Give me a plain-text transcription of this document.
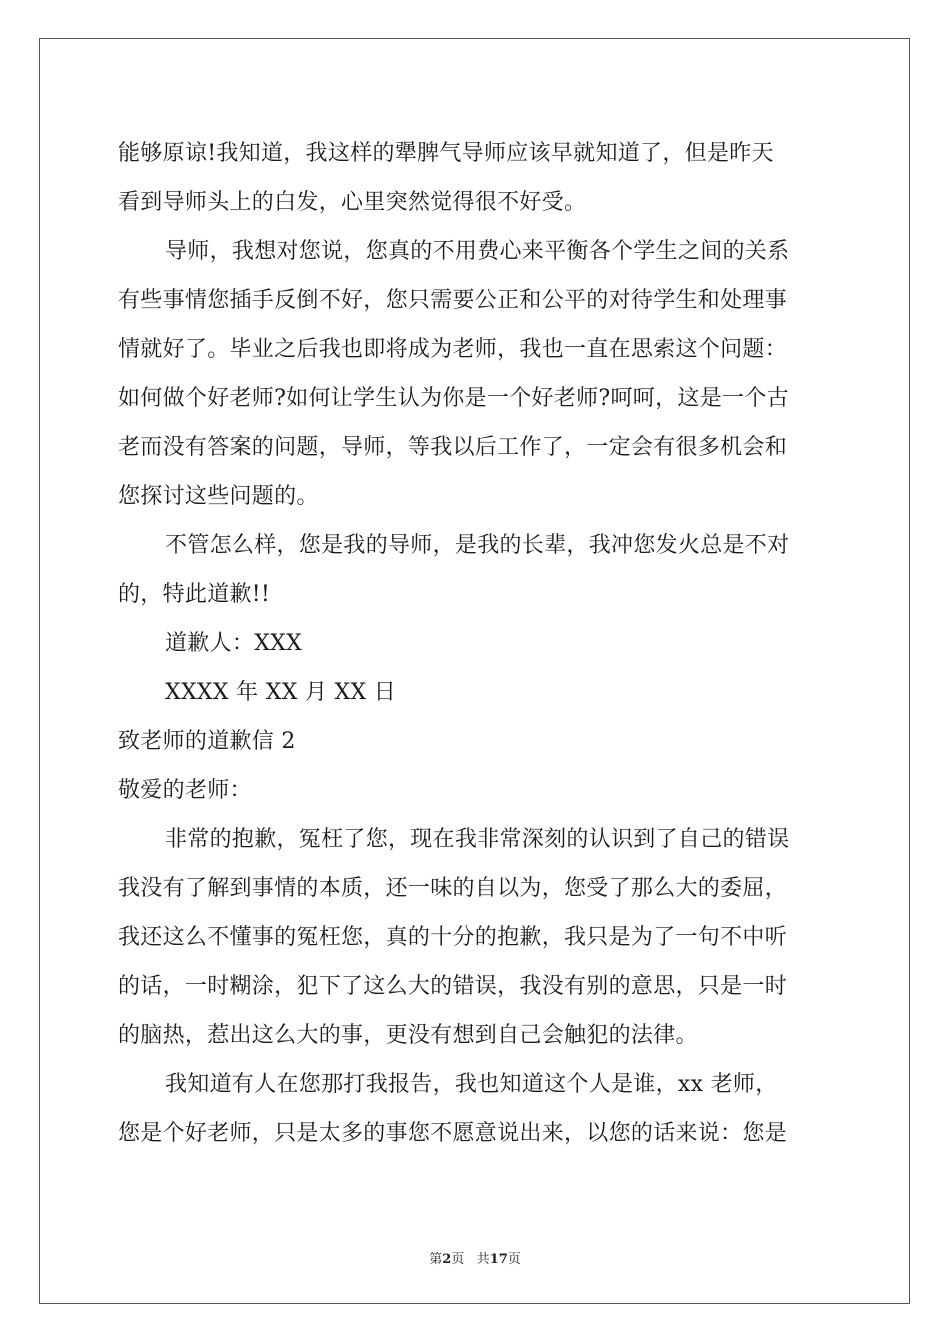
能够原谅!我知道，我这样的犟脾气导师应该早就知道了，但是昨天
看到导师头上的白发，心里突然觉得很不好受。
导师，我想对您说，您真的不用费心来平衡各个学生之间的关系
有些事情您插手反倒不好，您只需要公正和公平的对待学生和处理事
情就好了。毕业之后我也即将成为老师，我也一直在思索这个问题：
如何做个好老师?如何让学生认为你是一个好老师?呵呵，这是一个古
老而没有答案的问题，导师，等我以后工作了，一定会有很多机会和
您探讨这些问题的。
不管怎么样，您是我的导师，是我的长辈，我冲您发火总是不对
的，特此道歉!!
道歉人：XXX
XXXX 年 XX 月 XX 日
致老师的道歉信 2
敬爱的老师：
非常的抱歉，冤枉了您，现在我非常深刻的认识到了自己的错误
我没有了解到事情的本质，还一味的自以为，您受了那么大的委屈，
我还这么不懂事的冤枉您，真的十分的抱歉，我只是为了一句不中听
的话，一时糊涂，犯下了这么大的错误，我没有别的意思，只是一时
的脑热，惹出这么大的事，更没有想到自己会触犯的法律。
我知道有人在您那打我报告，我也知道这个人是谁，xx 老师，
您是个好老师，只是太多的事您不愿意说出来，以您的话来说：您是
第2页 共17页
